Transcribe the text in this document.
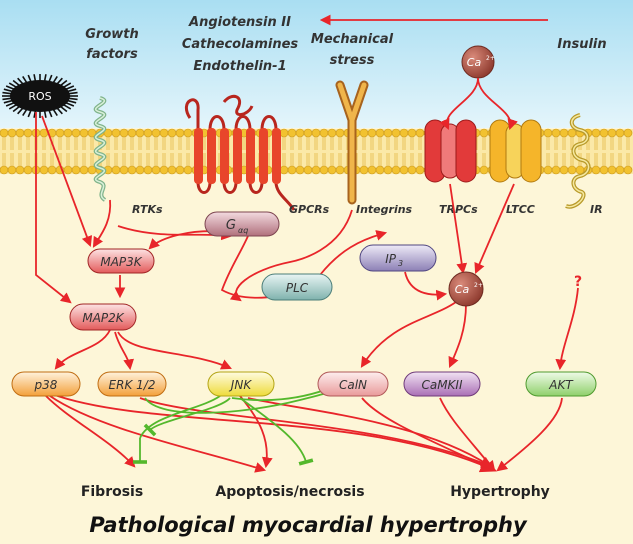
ROS
Ca 2+
Growth
factors
Angiotensin II
Cathecolamines
Endothelin-1
Mechanical
stress
Insulin
RTKs	GPCRs Integrins TRPCs	LTCC	IR
G αq
MAP3K
MAP2K
PLC
IP 3
Ca 2+	?
p38	ERK 1/2	JNK	CalN	CaMKII	AKT
Fibrosis	Apoptosis/necrosis	Hypertrophy
Pathological myocardial hypertrophy
